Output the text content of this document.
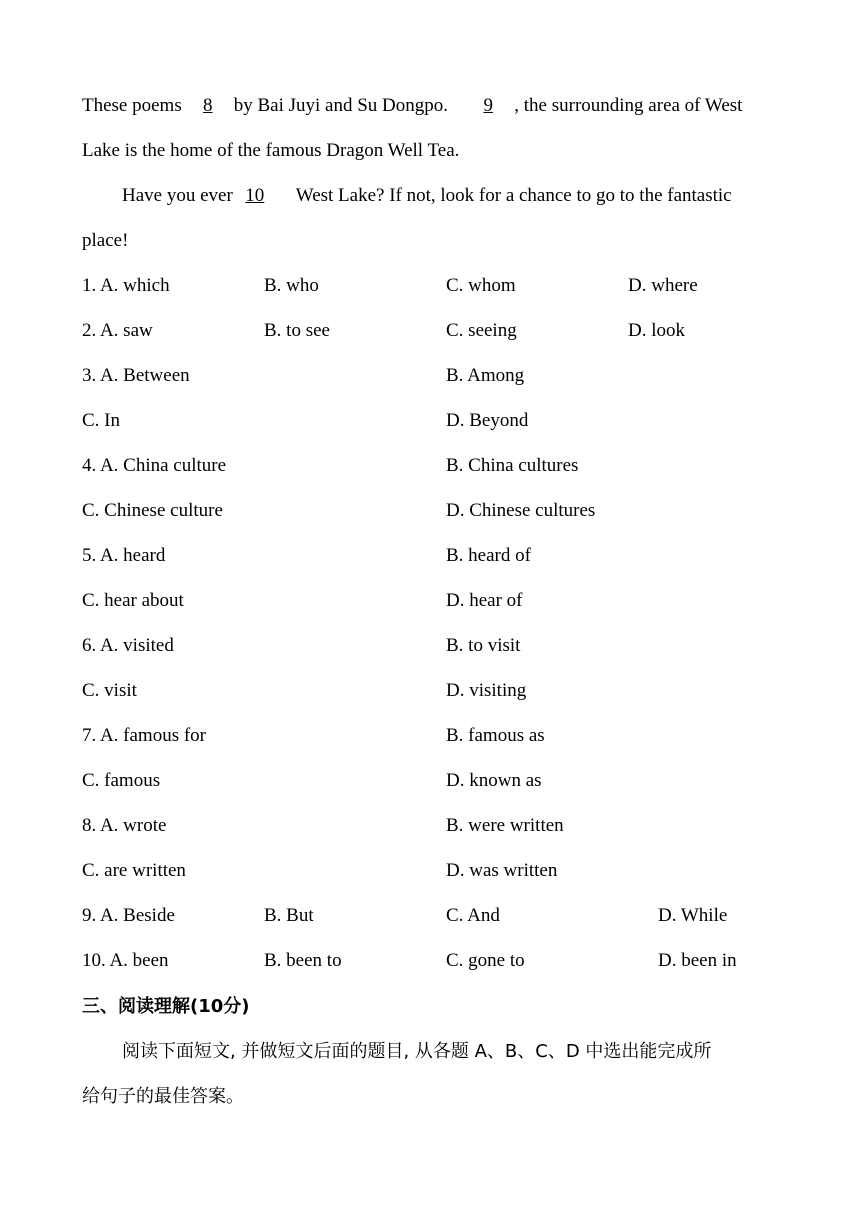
These poems 8 by Bai Juyi and Su Dongpo. 9 , the surrounding area of West
Lake is the home of the famous Dragon Well Tea.
Have you ever 10 West Lake? If not, look for a chance to go to the fantastic
place!
1. A. which	B. who	C. whom	D. where
2. A. saw	B. to see	C. seeing	D. look
3. A. Between	B. Among
C. In	D. Beyond
4. A. China culture	B. China cultures
C. Chinese culture	D. Chinese cultures
5. A. heard	B. heard of
C. hear about	D. hear of
6. A. visited	B. to visit
C. visit	D. visiting
7. A. famous for	B. famous as
C. famous	D. known as
8. A. wrote	B. were written
C. are written	D. was written
9. A. Beside	B. But	C. And	D. While
10. A. been	B. been to	C. gone to	D. been in
三、阅读理解(10分)
阅读下面短文, 并做短文后面的题目, 从各题 A、B、C、D 中选出能完成所
给句子的最佳答案。
